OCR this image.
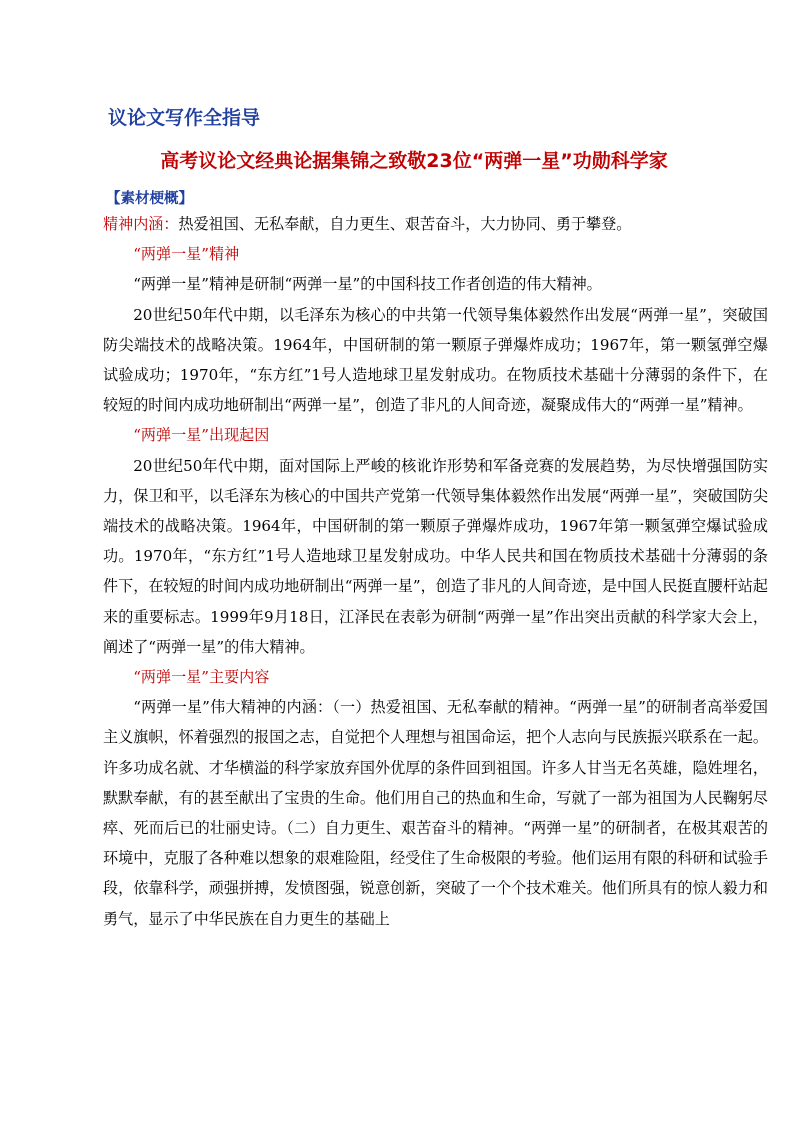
议论文写作全指导
高考议论文经典论据集锦之致敬23位“两弹一星”功勋科学家
【素材梗概】

精神内涵：热爱祖国、无私奉献，自力更生、艰苦奋斗，大力协同、勇于攀登。

“两弹一星”精神

“两弹一星”精神是研制“两弹一星”的中国科技工作者创造的伟大精神。

20世纪50年代中期，以毛泽东为核心的中共第一代领导集体毅然作出发展“两弹一星”，突破国防尖端技术的战略决策。1964年，中国研制的第一颗原子弹爆炸成功；1967年，第一颗氢弹空爆试验成功；1970年，“东方红”1号人造地球卫星发射成功。在物质技术基础十分薄弱的条件下，在较短的时间内成功地研制出“两弹一星”，创造了非凡的人间奇迹，凝聚成伟大的“两弹一星”精神。

“两弹一星”出现起因

20世纪50年代中期，面对国际上严峻的核讹诈形势和军备竞赛的发展趋势，为尽快增强国防实力，保卫和平，以毛泽东为核心的中国共产党第一代领导集体毅然作出发展“两弹一星”，突破国防尖端技术的战略决策。1964年，中国研制的第一颗原子弹爆炸成功，1967年第一颗氢弹空爆试验成功。1970年，“东方红”1号人造地球卫星发射成功。中华人民共和国在物质技术基础十分薄弱的条件下，在较短的时间内成功地研制出“两弹一星”，创造了非凡的人间奇迹，是中国人民挺直腰杆站起来的重要标志。1999年9月18日，江泽民在表彰为研制“两弹一星”作出突出贡献的科学家大会上，阐述了“两弹一星”的伟大精神。

“两弹一星”主要内容

“两弹一星”伟大精神的内涵：（一）热爱祖国、无私奉献的精神。“两弹一星”的研制者高举爱国主义旗帜，怀着强烈的报国之志，自觉把个人理想与祖国命运，把个人志向与民族振兴联系在一起。许多功成名就、才华横溢的科学家放弃国外优厚的条件回到祖国。许多人甘当无名英雄，隐姓埋名，默默奉献，有的甚至献出了宝贵的生命。他们用自己的热血和生命，写就了一部为祖国为人民鞠躬尽瘁、死而后已的壮丽史诗。（二）自力更生、艰苦奋斗的精神。“两弹一星”的研制者，在极其艰苦的环境中，克服了各种难以想象的艰难险阻，经受住了生命极限的考验。他们运用有限的科研和试验手段，依靠科学，顽强拼搏，发愤图强，锐意创新，突破了一个个技术难关。他们所具有的惊人毅力和勇气，显示了中华民族在自力更生的基础上
